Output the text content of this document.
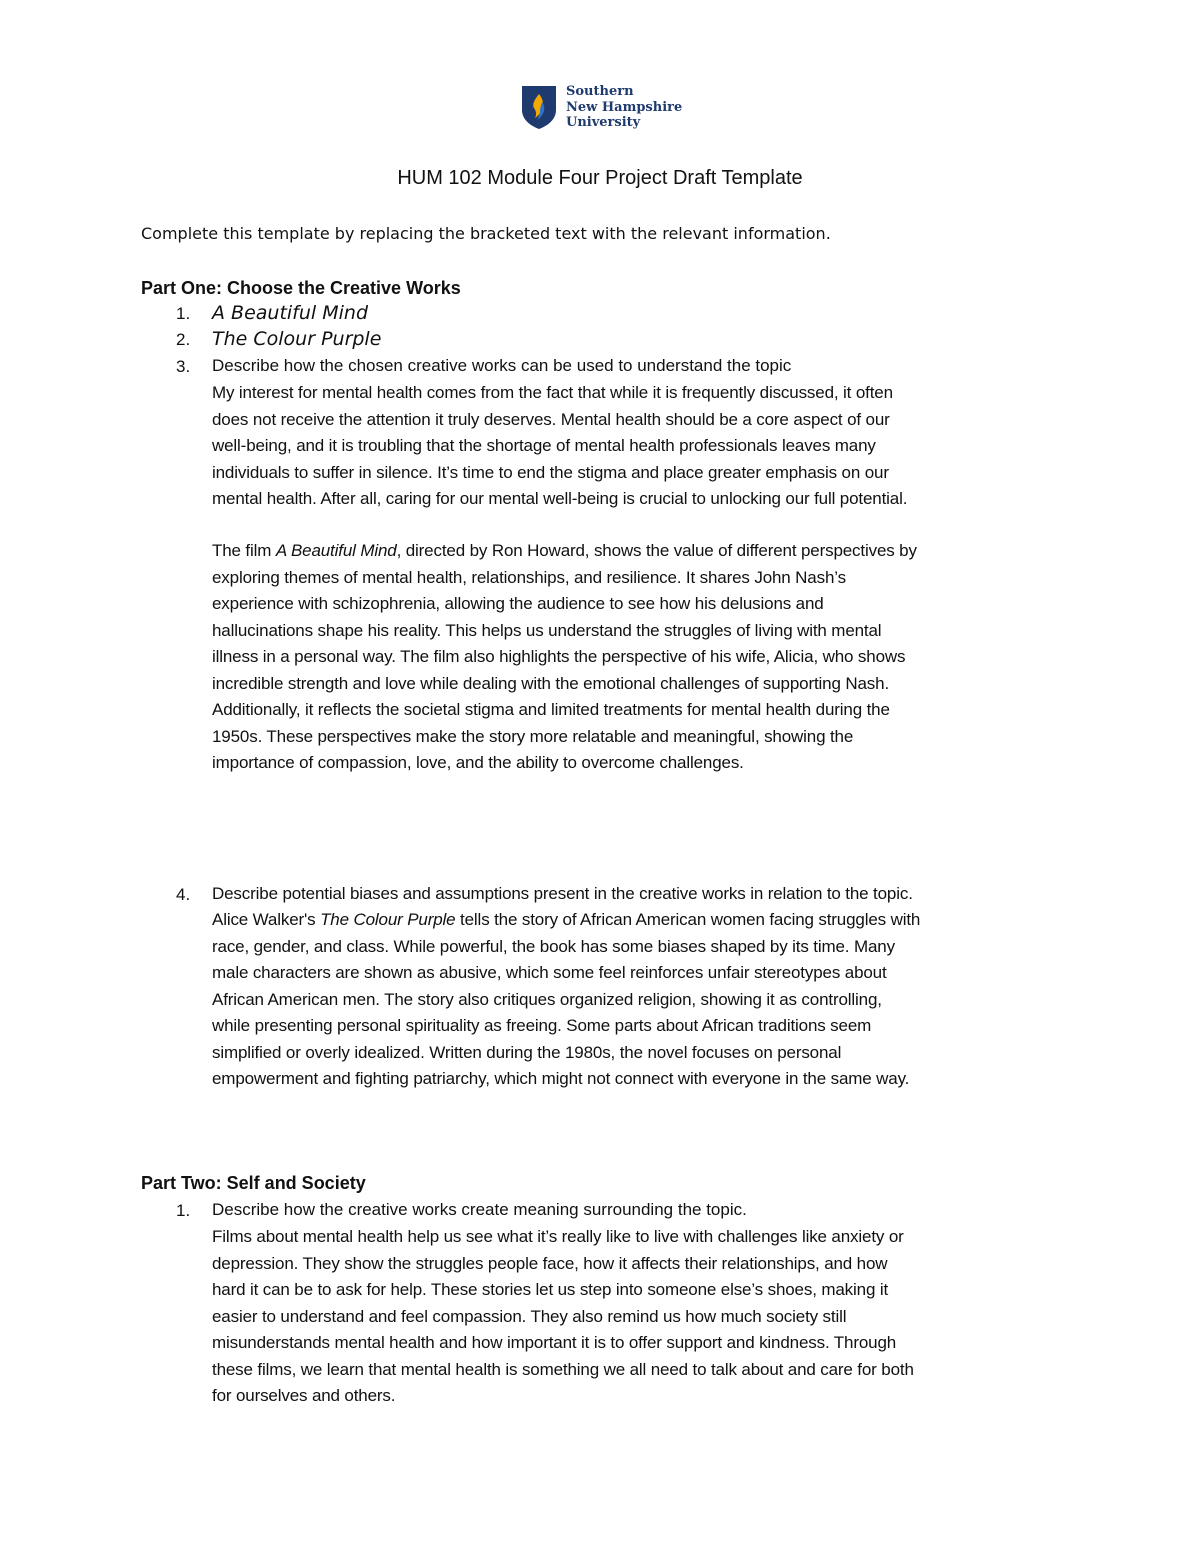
Southern
New Hampshire
University
HUM 102 Module Four Project Draft Template
Complete this template by replacing the bracketed text with the relevant information.
Part One: Choose the Creative Works
1. A Beautiful Mind
2. The Colour Purple
3. Describe how the chosen creative works can be used to understand the topic
My interest for mental health comes from the fact that while it is frequently discussed, it often
does not receive the attention it truly deserves. Mental health should be a core aspect of our
well-being, and it is troubling that the shortage of mental health professionals leaves many
individuals to suffer in silence. It’s time to end the stigma and place greater emphasis on our
mental health. After all, caring for our mental well-being is crucial to unlocking our full potential.
The film A Beautiful Mind, directed by Ron Howard, shows the value of different perspectives by
exploring themes of mental health, relationships, and resilience. It shares John Nash’s
experience with schizophrenia, allowing the audience to see how his delusions and
hallucinations shape his reality. This helps us understand the struggles of living with mental
illness in a personal way. The film also highlights the perspective of his wife, Alicia, who shows
incredible strength and love while dealing with the emotional challenges of supporting Nash.
Additionally, it reflects the societal stigma and limited treatments for mental health during the
1950s. These perspectives make the story more relatable and meaningful, showing the
importance of compassion, love, and the ability to overcome challenges.
4. Describe potential biases and assumptions present in the creative works in relation to the topic.
Alice Walker's The Colour Purple tells the story of African American women facing struggles with
race, gender, and class. While powerful, the book has some biases shaped by its time. Many
male characters are shown as abusive, which some feel reinforces unfair stereotypes about
African American men. The story also critiques organized religion, showing it as controlling,
while presenting personal spirituality as freeing. Some parts about African traditions seem
simplified or overly idealized. Written during the 1980s, the novel focuses on personal
empowerment and fighting patriarchy, which might not connect with everyone in the same way.
Part Two: Self and Society
1. Describe how the creative works create meaning surrounding the topic.
Films about mental health help us see what it’s really like to live with challenges like anxiety or
depression. They show the struggles people face, how it affects their relationships, and how
hard it can be to ask for help. These stories let us step into someone else’s shoes, making it
easier to understand and feel compassion. They also remind us how much society still
misunderstands mental health and how important it is to offer support and kindness. Through
these films, we learn that mental health is something we all need to talk about and care for both
for ourselves and others.
